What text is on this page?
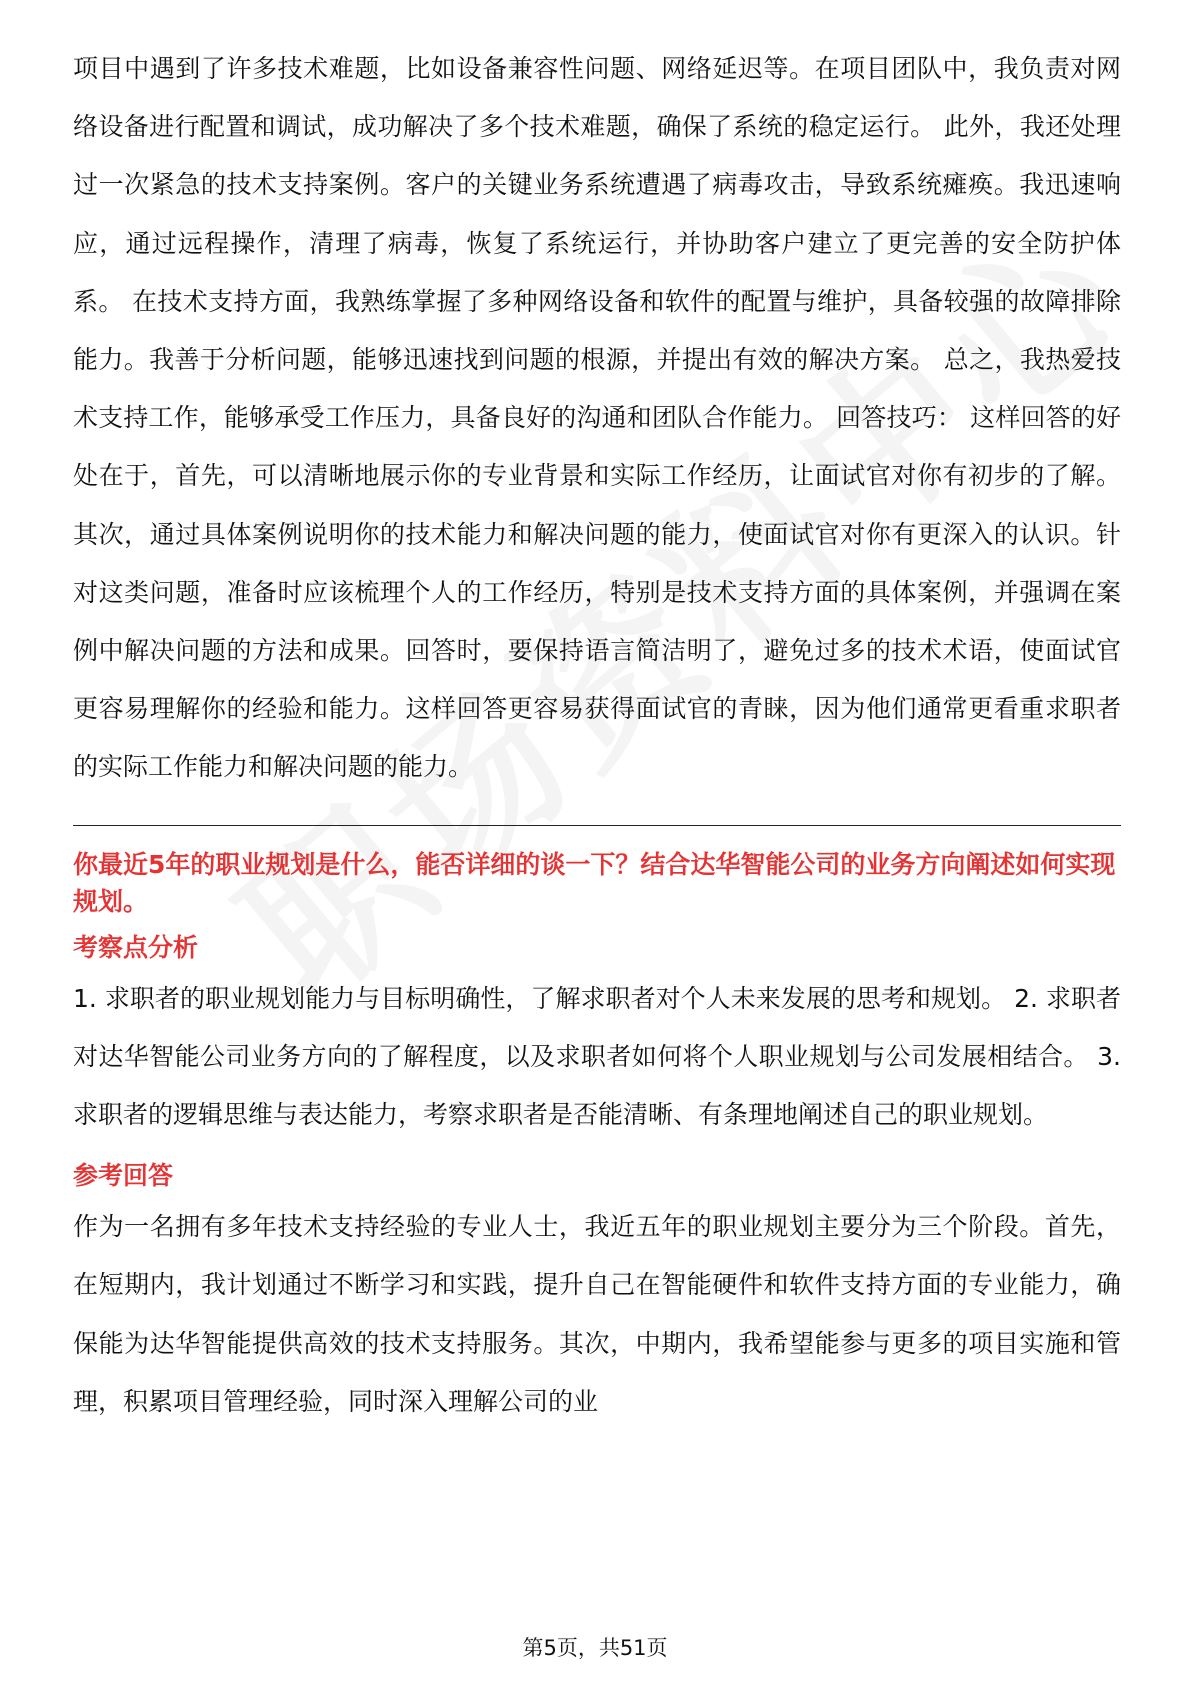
项目中遇到了许多技术难题，比如设备兼容性问题、网络延迟等。在项目团队中，我负责对网络设备进行配置和调试，成功解决了多个技术难题，确保了系统的稳定运行。 此外，我还处理过一次紧急的技术支持案例。客户的关键业务系统遭遇了病毒攻击，导致系统瘫痪。我迅速响应，通过远程操作，清理了病毒，恢复了系统运行，并协助客户建立了更完善的安全防护体系。 在技术支持方面，我熟练掌握了多种网络设备和软件的配置与维护，具备较强的故障排除能力。我善于分析问题，能够迅速找到问题的根源，并提出有效的解决方案。 总之，我热爱技术支持工作，能够承受工作压力，具备良好的沟通和团队合作能力。 回答技巧： 这样回答的好处在于，首先，可以清晰地展示你的专业背景和实际工作经历，让面试官对你有初步的了解。其次，通过具体案例说明你的技术能力和解决问题的能力，使面试官对你有更深入的认识。针对这类问题，准备时应该梳理个人的工作经历，特别是技术支持方面的具体案例，并强调在案例中解决问题的方法和成果。回答时，要保持语言简洁明了，避免过多的技术术语，使面试官更容易理解你的经验和能力。这样回答更容易获得面试官的青睐，因为他们通常更看重求职者的实际工作能力和解决问题的能力。

你最近5年的职业规划是什么，能否详细的谈一下？结合达华智能公司的业务方向阐述如何实现规划。

考察点分析

1. 求职者的职业规划能力与目标明确性，了解求职者对个人未来发展的思考和规划。 2. 求职者对达华智能公司业务方向的了解程度，以及求职者如何将个人职业规划与公司发展相结合。 3. 求职者的逻辑思维与表达能力，考察求职者是否能清晰、有条理地阐述自己的职业规划。

参考回答

作为一名拥有多年技术支持经验的专业人士，我近五年的职业规划主要分为三个阶段。首先，在短期内，我计划通过不断学习和实践，提升自己在智能硬件和软件支持方面的专业能力，确保能为达华智能提供高效的技术支持服务。其次，中期内，我希望能参与更多的项目实施和管理，积累项目管理经验，同时深入理解公司的业

第5页，共51页
